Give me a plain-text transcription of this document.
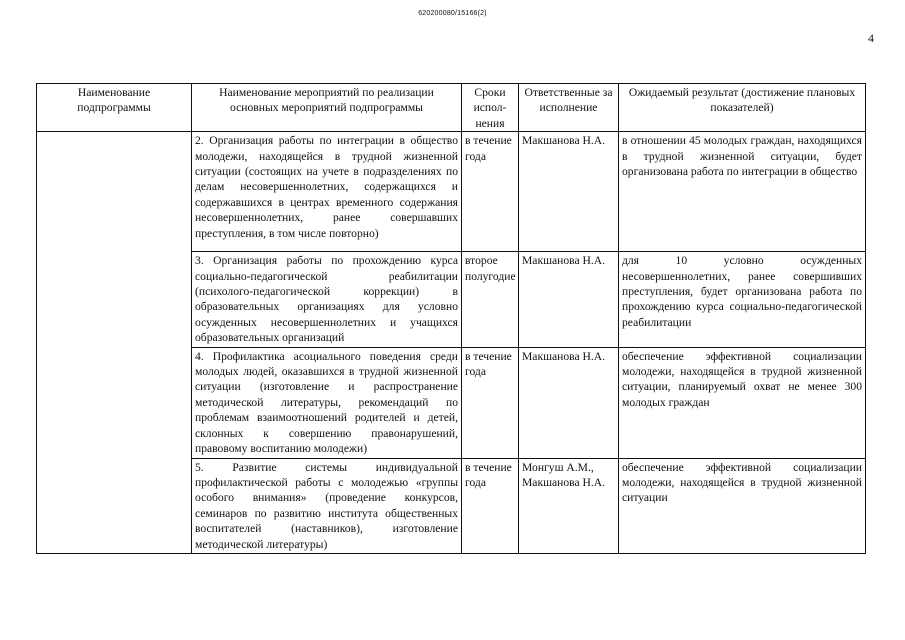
620200080/15166(2)
4
Наименование подпрограммы	Наименование мероприятий по реализации основных мероприятий подпрограммы	Сроки испол-нения	Ответственные за исполнение	Ожидаемый результат (достижение плановых показателей)
	2. Организация работы по интеграции в общество молодежи, находящейся в трудной жизненной ситуации (состоящих на учете в подразделениях по делам несовершеннолетних, содержащихся и содержавшихся в центрах временного содержания несовершеннолетних, ранее совершавших преступления, в том числе повторно)	в течение года	Макшанова Н.А.	в отношении 45 молодых граждан, находящихся в трудной жизненной ситуации, будет организована работа по интеграции в общество
	3. Организация работы по прохождению курса социально-педагогической реабилитации (психолого-педагогической коррекции) в образовательных организациях для условно осужденных несовершеннолетних и учащихся образовательных организаций	второе полугодие	Макшанова Н.А.	для 10 условно осужденных несовершеннолетних, ранее совершивших преступления, будет организована работа по прохождению курса социально-педагогической реабилитации
	4. Профилактика асоциального поведения среди молодых людей, оказавшихся в трудной жизненной ситуации (изготовление и распространение методической литературы, рекомендаций по проблемам взаимоотношений родителей и детей, склонных к совершению правонарушений, правовому воспитанию молодежи)	в течение года	Макшанова Н.А.	обеспечение эффективной социализации молодежи, находящейся в трудной жизненной ситуации, планируемый охват не менее 300 молодых граждан
	5. Развитие системы индивидуальной профилактической работы с молодежью «группы особого внимания» (проведение конкурсов, семинаров по развитию института общественных воспитателей (наставников), изготовление методической литературы)	в течение года	Монгуш А.М., Макшанова Н.А.	обеспечение эффективной социализации молодежи, находящейся в трудной жизненной ситуации
